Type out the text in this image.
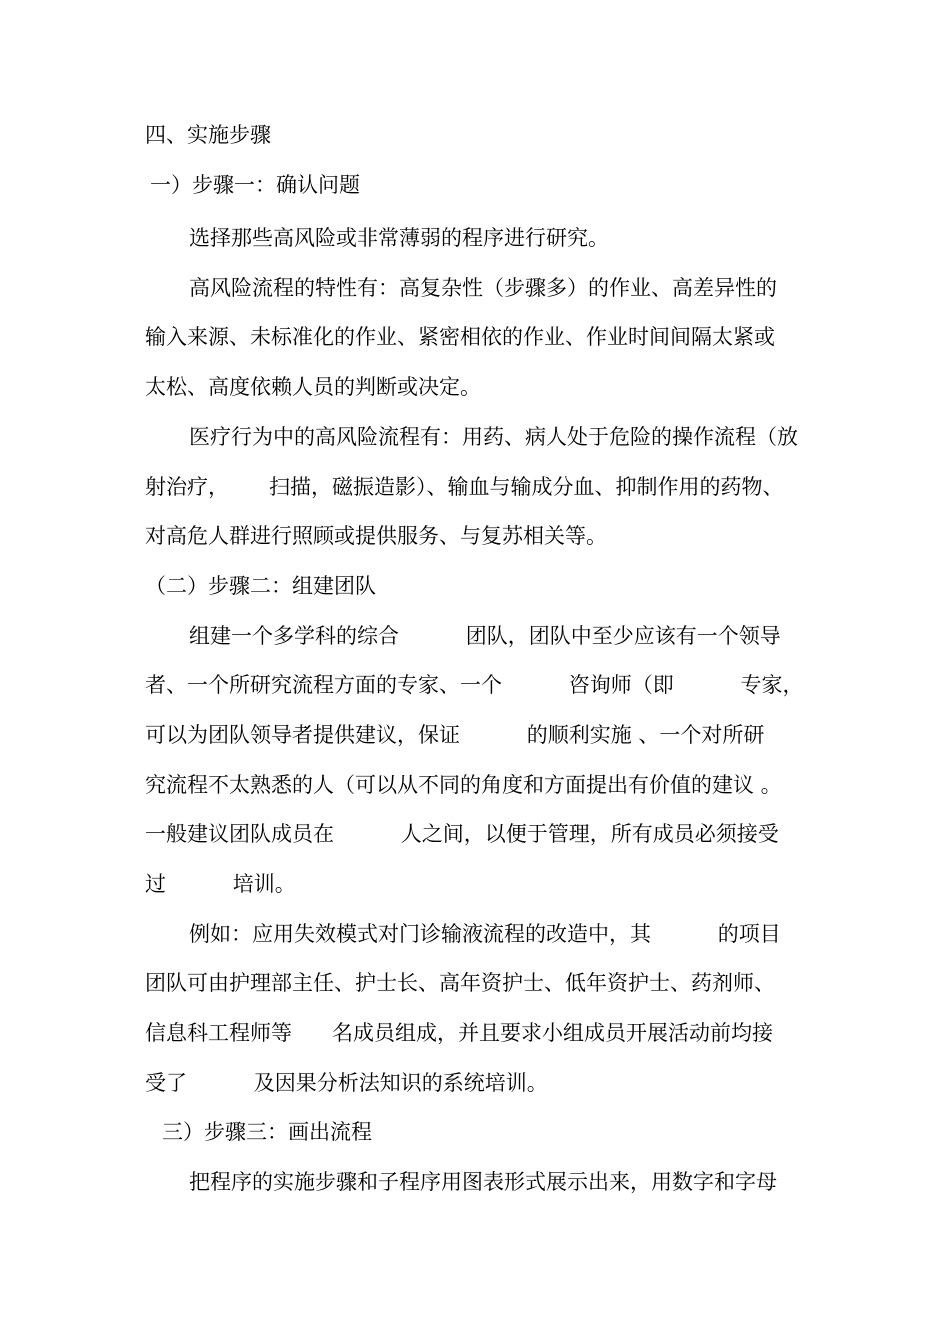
四、实施步骤
一）步骤一：确认问题
选择那些高风险或非常薄弱的程序进行研究。
高风险流程的特性有：高复杂性（步骤多）的作业、高差异性的
输入来源、未标准化的作业、紧密相依的作业、作业时间间隔太紧或
太松、高度依赖人员的判断或决定。
医疗行为中的高风险流程有：用药、病人处于危险的操作流程（放
射治疗，      扫描，磁振造影）、输血与输成分血、抑制作用的药物、
对高危人群进行照顾或提供服务、与复苏相关等。
（二）步骤二：组建团队
组建一个多学科的综合          团队，团队中至少应该有一个领导
者、一个所研究流程方面的专家、一个          咨询师（即          专家，
可以为团队领导者提供建议，保证          的顺利实施 、一个对所研
究流程不太熟悉的人（可以从不同的角度和方面提出有价值的建议 。
一般建议团队成员在          人之间，以便于管理，所有成员必须接受
过          培训。
例如：应用失效模式对门诊输液流程的改造中，其          的项目
团队可由护理部主任、护士长、高年资护士、低年资护士、药剂师、
信息科工程师等      名成员组成，并且要求小组成员开展活动前均接
受了          及因果分析法知识的系统培训。
三）步骤三：画出流程
把程序的实施步骤和子程序用图表形式展示出来，用数字和字母
